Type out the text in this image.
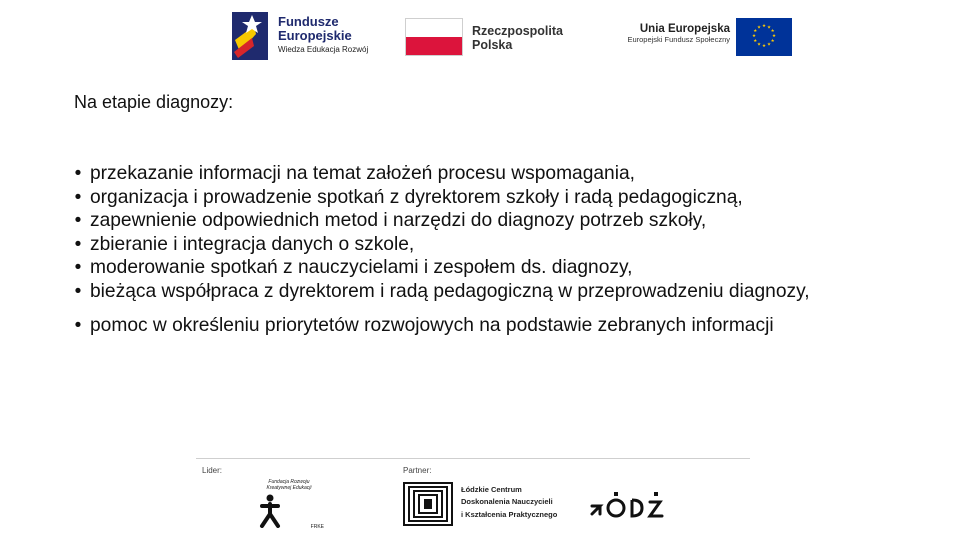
Fundusze
Europejskie
Wiedza Edukacja Rozwój
Rzeczpospolita
Polska
Unia Europejska
Europejski Fundusz Społeczny
★ ★
★
★
★
★
★
★
★
★
★
★
Na etapie diagnozy:
• przekazanie informacji na temat założeń procesu wspomagania,
• organizacja i prowadzenie spotkań z dyrektorem szkoły i radą pedagogiczną,
• zapewnienie odpowiednich metod i narzędzi do diagnozy potrzeb szkoły,
• zbieranie i integracja danych o szkole,
• moderowanie spotkań z nauczycielami i zespołem ds. diagnozy,
• bieżąca współpraca z dyrektorem i radą pedagogiczną w przeprowadzeniu diagnozy,
• pomoc w określeniu priorytetów rozwojowych na podstawie zebranych informacji
Lider:	Partner:
Fundacja Rozwoju Kreatywnej Edukacji
FRKE
Łódzkie Centrum
Doskonalenia Nauczycieli
i Kształcenia Praktycznego
